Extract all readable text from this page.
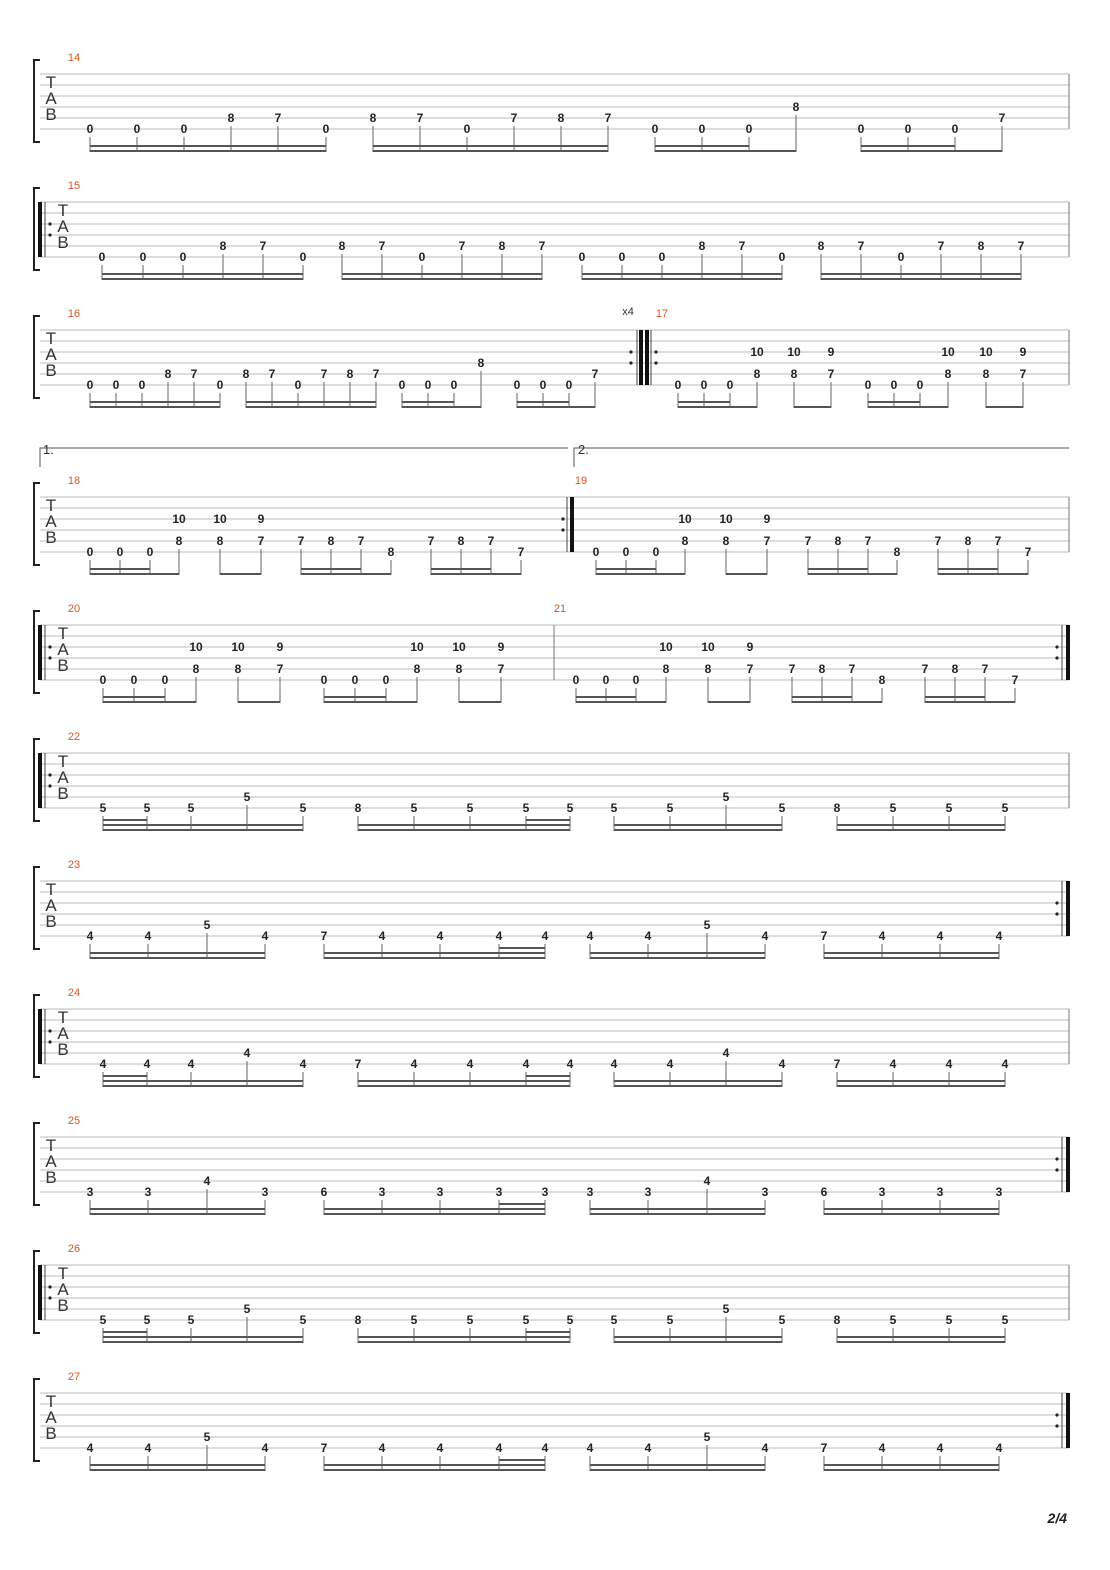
T
A
B
14
0	0	0
8	7
0
8	7
0
7	8	7
0	0	0
8
0	0	0
7
T
A
B
15
0	0	0
8	7
0
8	7
0
7	8	7
0	0	0
8	7
0
8	7
0
7	8	7
T
A
B
16
0 0 0
8 7
0
8 7
0
7 8 7
0 0 0
8
0 0 0
7
0 0 0
8
10
8
10
7
9
0 0 0
8
10
8
10
7
9
17
x4
T
A
B
18
0 0 0
8
10
8
10
7
9
7 8 7
8
7 8 7
7	0 0 0
8
10
8
10
7
9
7 8 7
8
7 8 7
7
19
T
A
B
20
0 0 0
8
10
8
10
7
9
0 0 0
8
10
8
10
7
9
0 0 0
8
10
8
10
7
9
7 8 7
8
7 8 7
7
21
T
A
B
22
5	5	5
5
5	8	5	5	5	5	5	5
5
5	8	5	5	5
T
A
B
23
4	4
5
4	7	4	4	4	4	4	4
5
4	7	4	4	4
T
A
B
24
4	4	4
4
4	7	4	4	4	4	4	4
4
4	7	4	4	4
T
A
B
25
3	3
4
3	6	3	3	3	3	3	3
4
3	6	3	3	3
T
A
B
26
5	5	5
5
5	8	5	5	5	5	5	5
5
5	8	5	5	5
T
A
B
27
4	4
5
4	7	4	4	4	4	4	4
5
4	7	4	4	4
1.	2.
2/4
